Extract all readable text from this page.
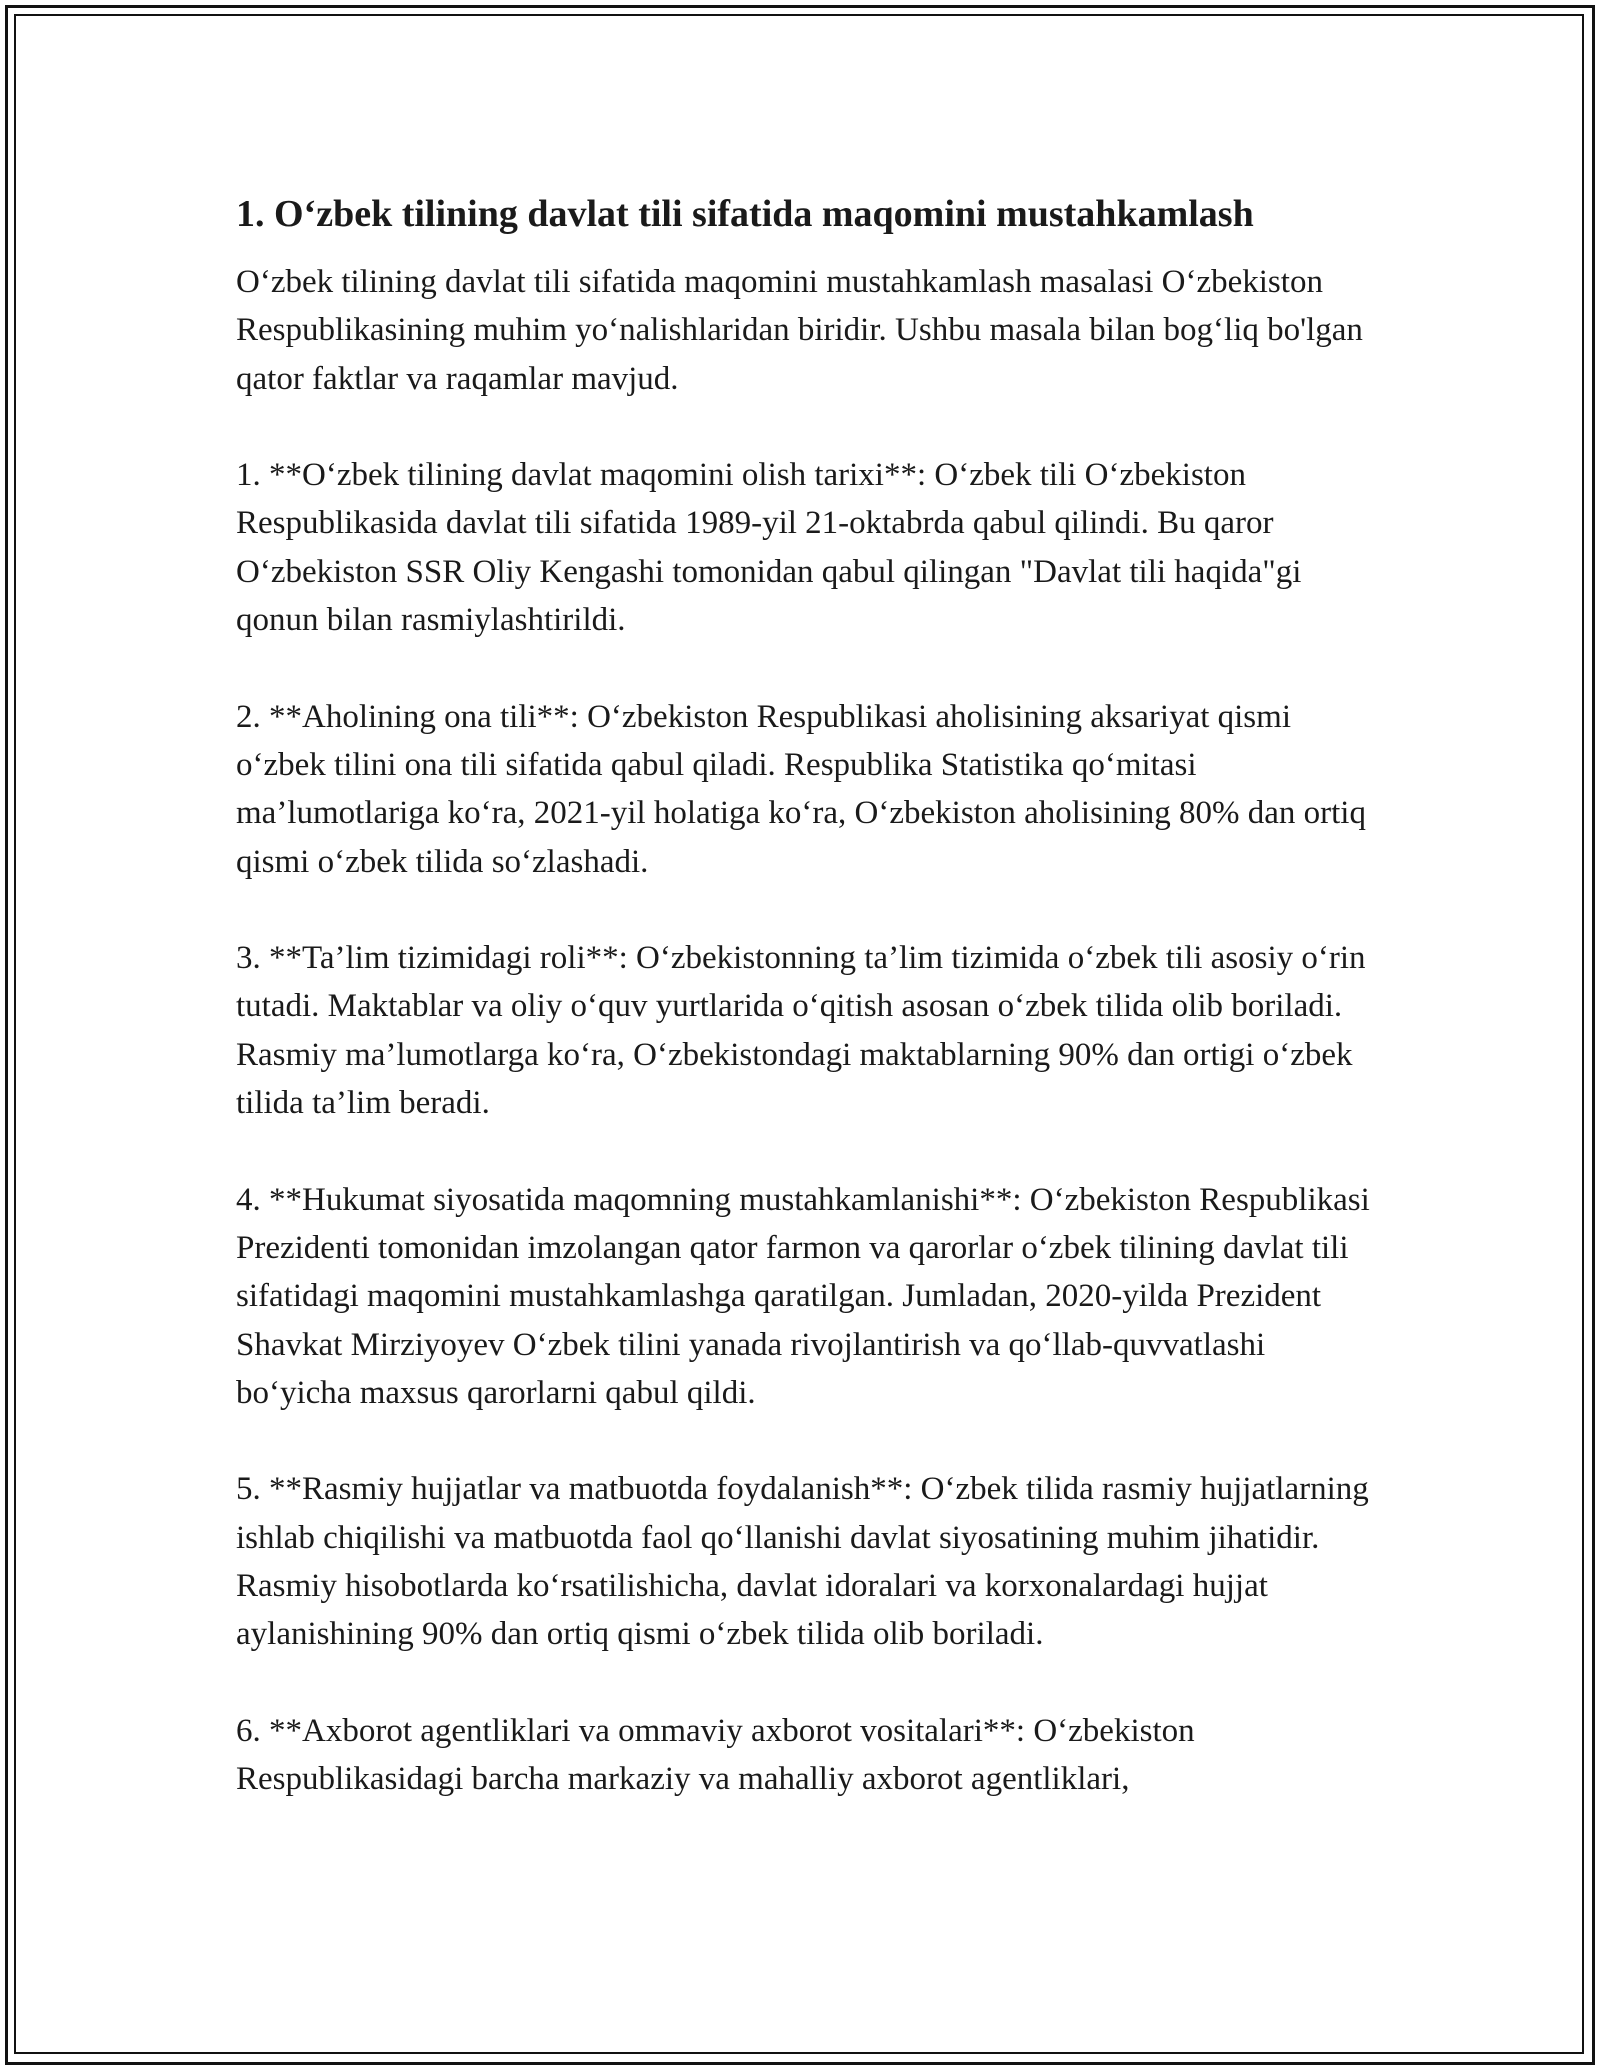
1. O‘zbek tilining davlat tili sifatida maqomini mustahkamlash

O‘zbek tilining davlat tili sifatida maqomini mustahkamlash masalasi O‘zbekiston Respublikasining muhim yo‘nalishlaridan biridir. Ushbu masala bilan bog‘liq bo'lgan qator faktlar va raqamlar mavjud.

1. **O‘zbek tilining davlat maqomini olish tarixi**: O‘zbek tili O‘zbekiston Respublikasida davlat tili sifatida 1989-yil 21-oktabrda qabul qilindi. Bu qaror O‘zbekiston SSR Oliy Kengashi tomonidan qabul qilingan "Davlat tili haqida"gi qonun bilan rasmiylashtirildi.

2. **Aholining ona tili**: O‘zbekiston Respublikasi aholisining aksariyat qismi o‘zbek tilini ona tili sifatida qabul qiladi. Respublika Statistika qo‘mitasi ma’lumotlariga ko‘ra, 2021-yil holatiga ko‘ra, O‘zbekiston aholisining 80% dan ortiq qismi o‘zbek tilida so‘zlashadi.

3. **Ta’lim tizimidagi roli**: O‘zbekistonning ta’lim tizimida o‘zbek tili asosiy o‘rin tutadi. Maktablar va oliy o‘quv yurtlarida o‘qitish asosan o‘zbek tilida olib boriladi. Rasmiy ma’lumotlarga ko‘ra, O‘zbekistondagi maktablarning 90% dan ortigi o‘zbek tilida ta’lim beradi.

4. **Hukumat siyosatida maqomning mustahkamlanishi**: O‘zbekiston Respublikasi Prezidenti tomonidan imzolangan qator farmon va qarorlar o‘zbek tilining davlat tili sifatidagi maqomini mustahkamlashga qaratilgan. Jumladan, 2020-yilda Prezident Shavkat Mirziyoyev O‘zbek tilini yanada rivojlantirish va qo‘llab-quvvatlashi bo‘yicha maxsus qarorlarni qabul qildi.

5. **Rasmiy hujjatlar va matbuotda foydalanish**: O‘zbek tilida rasmiy hujjatlarning ishlab chiqilishi va matbuotda faol qo‘llanishi davlat siyosatining muhim jihatidir. Rasmiy hisobotlarda ko‘rsatilishicha, davlat idoralari va korxonalardagi hujjat aylanishining 90% dan ortiq qismi o‘zbek tilida olib boriladi.

6. **Axborot agentliklari va ommaviy axborot vositalari**: O‘zbekiston Respublikasidagi barcha markaziy va mahalliy axborot agentliklari,
